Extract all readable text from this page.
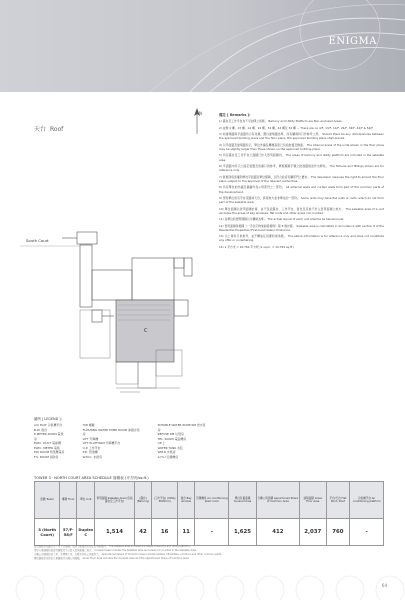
ENIGMA
天台 Roof
N
South Court
C
備註 [ Remarks ]:
1) 露台及工作平台為不可封閉之設施。 Balcony and Utility Platform are Non-enclosed Areas.
2) 並無 4 樓、13 樓、14 樓、24 樓、34 樓、44 樓及 54 樓 ... There are no 4/F, 13/F, 14/F, 24/F, 34/F, 44/F & 54/F.
3) 如建築圖與平面圖所示有差異，應以建築圖為準，而有關資料只作參考之用。 Should there be any discrepancies between the approved building plans and the floor plans, the approved building plans shall prevail.
4) 以平面圖及建築圖所示，單位外牆及樓層高度已包括批盪及飾面。 The internal areas of the units shown in the floor plans may be slightly larger than those shown on the approved building plans.
5) 所有露台及工作平台之面積已計入實用面積內。 The areas of balcony and utility platform are included in the saleable area.
6) 平面圖中所示之固定裝置及設備只供參考，將根據屋宇署之批准圖則而作出修改。 The fixtures and fittings shown are for reference only.
7) 發展商保留權利修改平面圖及單位間隔，以符合政府有關部門之要求。 The developer reserves the right to amend the floor plans subject to the approval of the relevant authorities.
8) 所有單位的外牆及幕牆均為公用部份之一部份。 All external walls and curtain walls form part of the common parts of the development.
9) 部份單位設有平台花園或天台，該等地方並非單位的一部份。 Some units may have flat roofs or roofs, which do not form part of the saleable area.
10) 單位面積以實用面積計算，並不包括露台、工作平台、窗台及其他不計入實用面積之地方。 The saleable area of a unit excludes the areas of bay windows, flat roofs and other areas not counted.
11) 各單位的實際間隔以交樓時為準。 The actual layout of each unit shall be as handed over.
12) 實用面積是根據《一手住宅物業銷售條例》第 8 條計算。 Saleable area is calculated in accordance with section 8 of the Residential Properties (First-hand Sales) Ordinance.
13) 以上資料只供參考，並不構成任何要約或承諾。 The above information is for reference only and does not constitute any offer or undertaking.
14) 1 平方米 = 10.764 平方呎 (1 sq.m. = 10.764 sq.ft.)
圖例 [ LEGEND ]:
A/C PLAT 冷氣機平台
B.W. 窗台
E.METER ROOM 電錶房
ELEC. DUCT 電線槽
ELEC. METER 電錶
ELV ROOM 特低壓電房
F.S. ROOM 消防房
H/R 喉轆
FLUSHING WATER PUMP ROOM 沖廁水泵房
LIFT 升降機
LIFT PLATFORM 升降機平台
U.P. 工作平台
P.D. 管道槽
W.M.C. 水錶房
POTABLE WATER PUMP RM 食水泵房
REFUSE RM 垃圾房
TEL. ROOM 電話機房
UP 上
WATER TANK 水缸
WM.R 水錶房
A.H.U 空調機房
TOWER 3 · NORTH COURT AREA SCHEDULE 面積表 (平方呎/sq.ft.)
座數 Tower	樓層 Floor	單位 Unit	實用面積 Saleable Area (包括露台及工作平台)	(露台) (Balcony)	(工作平台) (Utility Platform)	窗台 Bay window	空調機房 Air conditioning plant room	單位有蓋面積 Covered Area	分攤公用面積 Apportioned Share of Common Area	建築面積 Gross Floor Area	平台/天台 Flat Roof / Roof	冷氣機平台 Air conditioning platform
3 (North Court)	57/F-58/F	Duplex C	1,514	42	16	11	-	1,625	412	2,037	760	-
實用面積包括露台及工作平台面積，而該等面積須包括在實用面積內。 The saleable area includes the areas of balcony and utility platform.
單位有蓋面積包括實用面積及不計算入實用面積之地方。 Covered Area includes the Saleable Area and areas not counted in the Saleable Area.
分攤公用面積包括大堂、升降機大堂、走廊及其他公用部份等。 Apportioned Share of Common Area includes lobbies, lift lobbies, corridors and other common parts.
建築面積包括單位有蓋面積及分攤公用面積。 Gross Floor Area includes the Covered Area and the Apportioned Share of Common Area.
64
